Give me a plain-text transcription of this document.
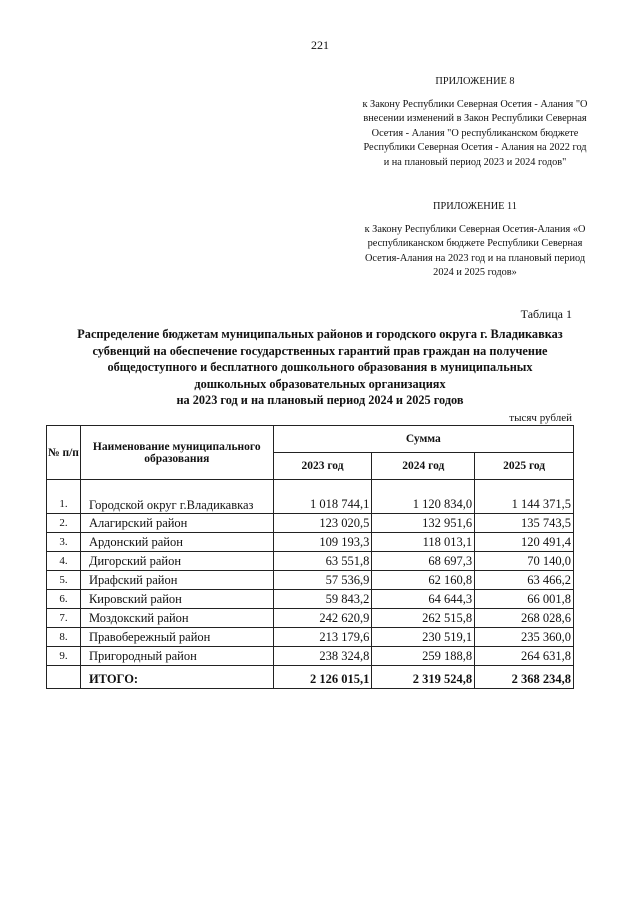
221
ПРИЛОЖЕНИЕ 8
к Закону Республики Северная Осетия - Алания "О внесении изменений в Закон Республики Северная Осетия - Алания "О республиканском бюджете Республики Северная Осетия - Алания на 2022 год и на плановый период 2023 и 2024 годов"
ПРИЛОЖЕНИЕ 11
к Закону Республики Северная Осетия-Алания «О республиканском бюджете Республики Северная Осетия-Алания на 2023 год и на плановый период 2024 и 2025 годов»
Таблица 1
Распределение бюджетам муниципальных районов и городского округа г. Владикавказ
субвенций на обеспечение государственных гарантий прав граждан на получение
общедоступного и бесплатного дошкольного образования в муниципальных
дошкольных образовательных организациях
на 2023 год и на плановый период 2024 и 2025 годов
тысяч рублей
№ п/п	Наименование муниципального образования	Сумма		
		2023 год	2024 год	2025 год
1.	Городской округ г.Владикавказ	1 018 744,1	1 120 834,0	1 144 371,5
2.	Алагирский район	123 020,5	132 951,6	135 743,5
3.	Ардонский район	109 193,3	118 013,1	120 491,4
4.	Дигорский район	63 551,8	68 697,3	70 140,0
5.	Ирафский район	57 536,9	62 160,8	63 466,2
6.	Кировский район	59 843,2	64 644,3	66 001,8
7.	Моздокский район	242 620,9	262 515,8	268 028,6
8.	Правобережный район	213 179,6	230 519,1	235 360,0
9.	Пригородный район	238 324,8	259 188,8	264 631,8
	ИТОГО:	2 126 015,1	2 319 524,8	2 368 234,8
